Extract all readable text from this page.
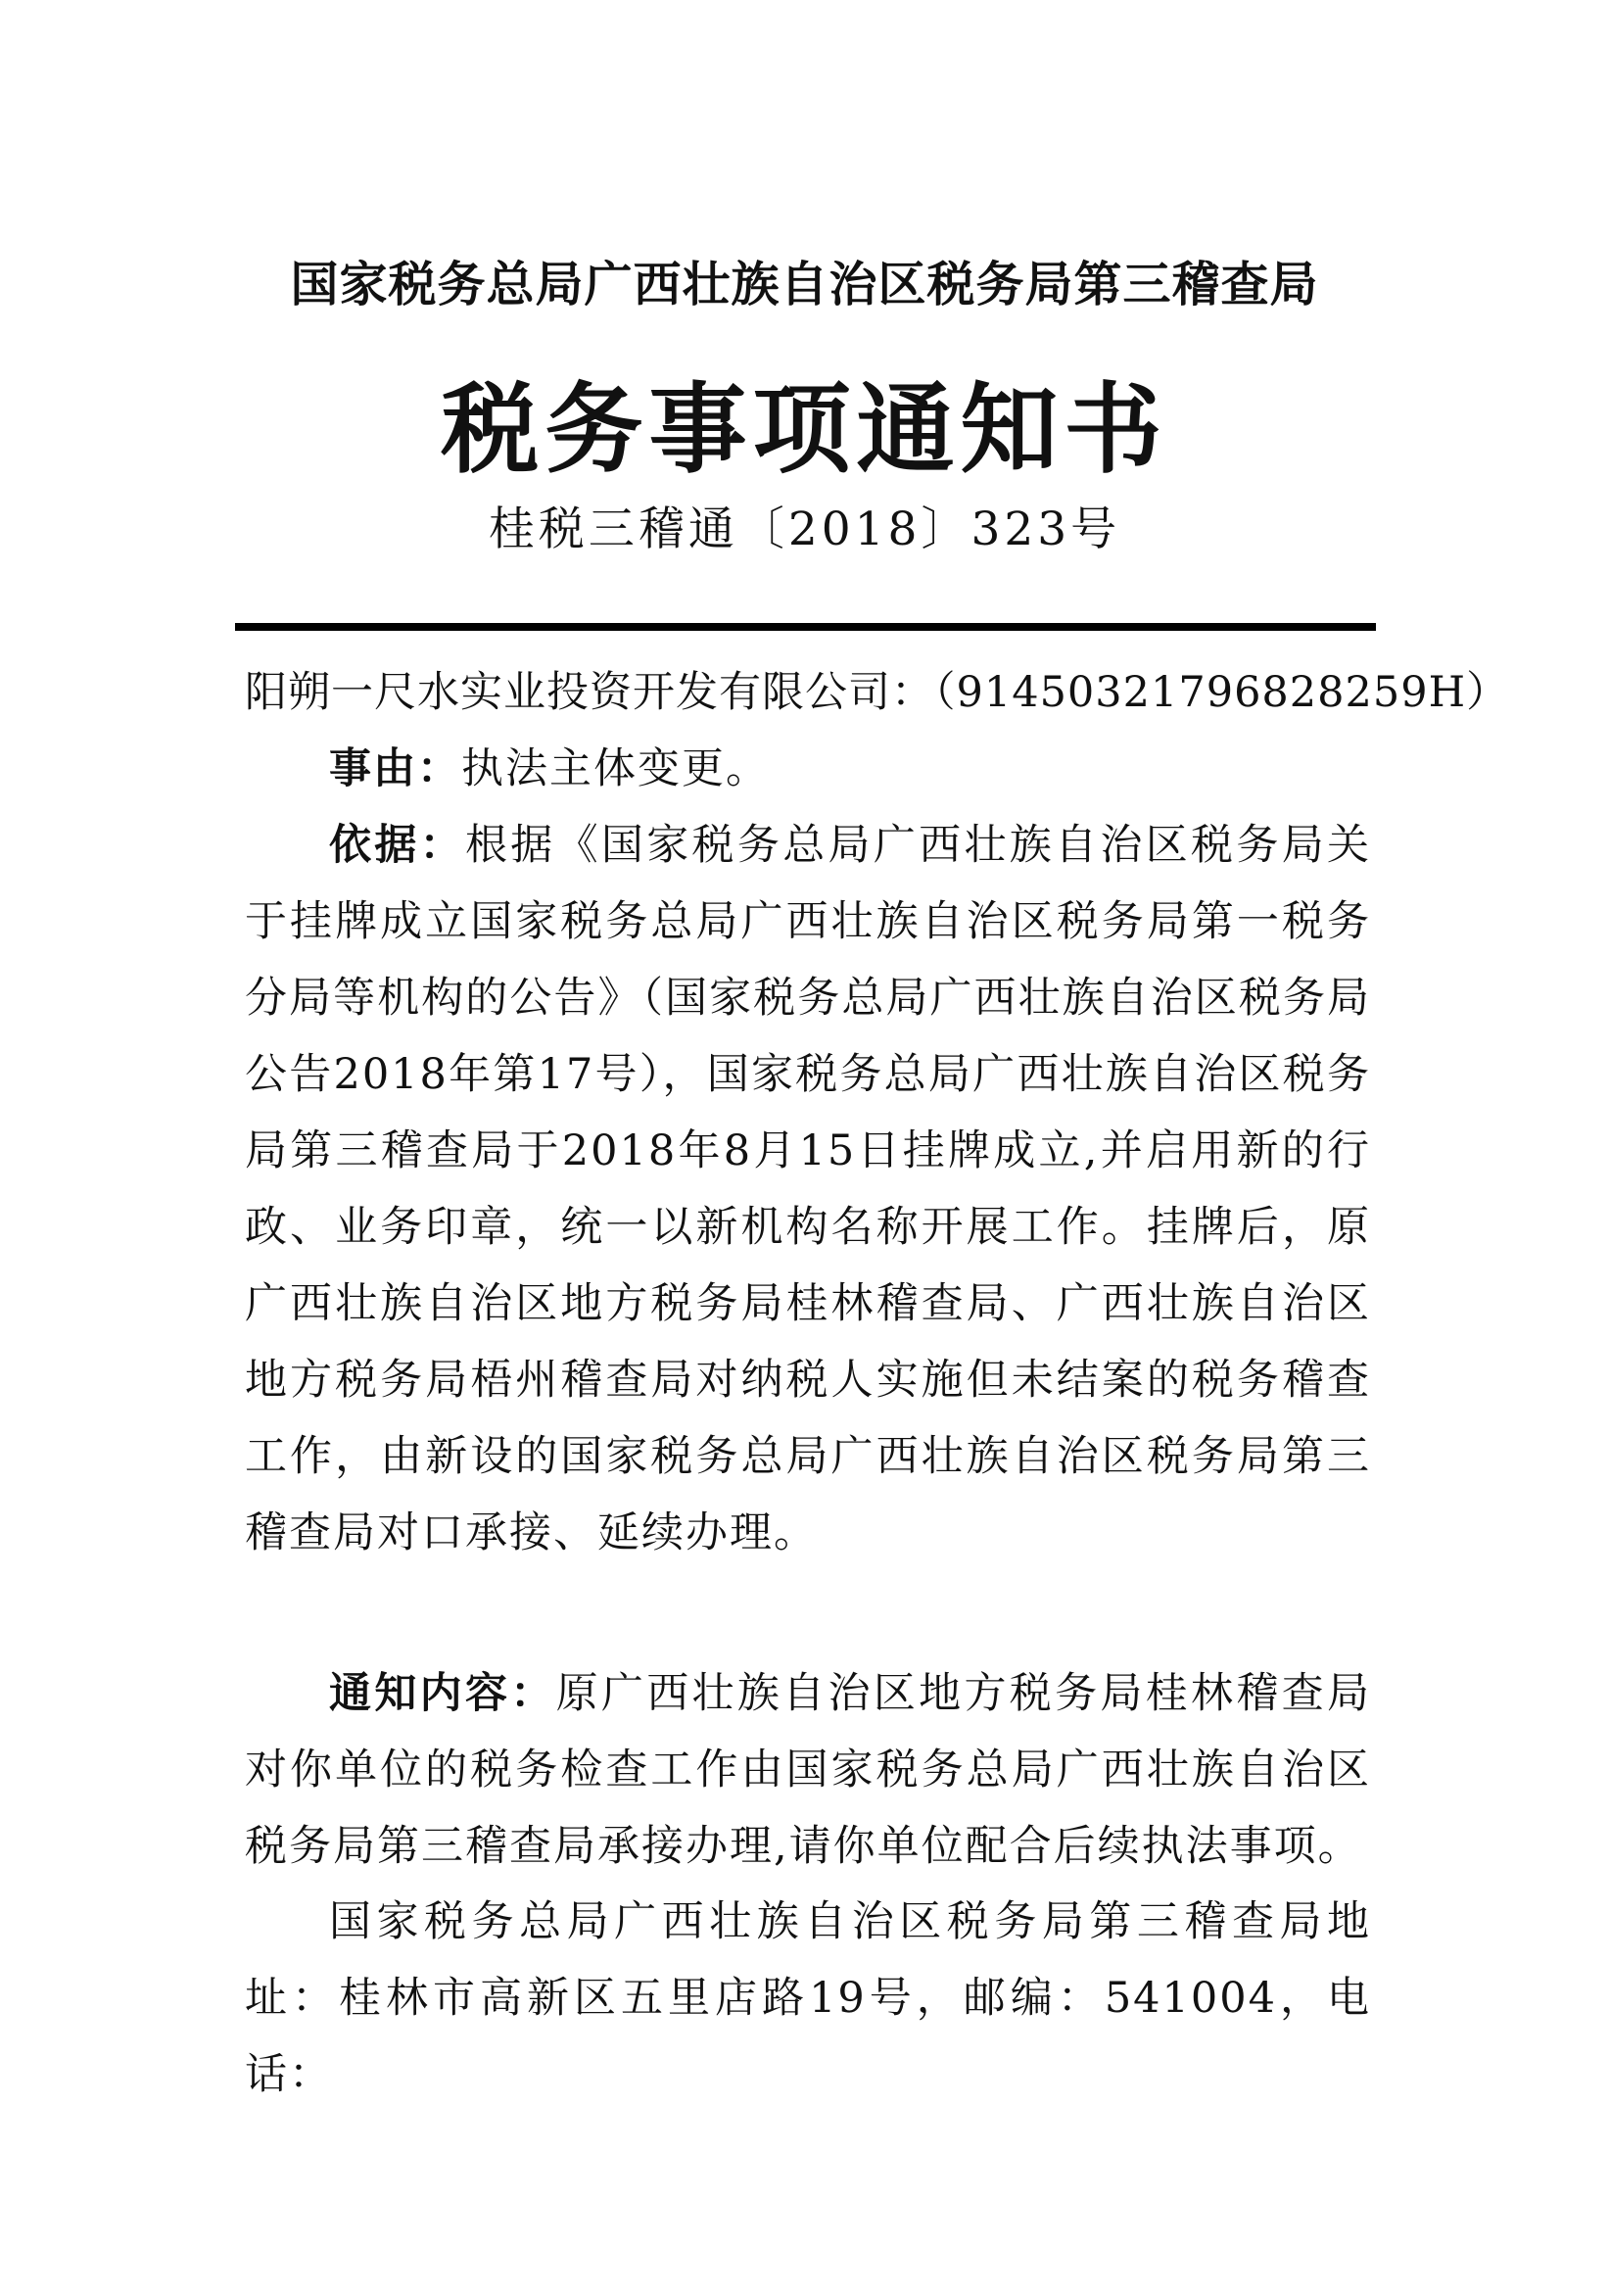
国家税务总局广西壮族自治区税务局第三稽查局
税务事项通知书
桂税三稽通〔2018〕323号

阳朔一尺水实业投资开发有限公司：（91450321796828259H）

事由：执法主体变更。

依据：根据《国家税务总局广西壮族自治区税务局关于挂牌成立国家税务总局广西壮族自治区税务局第一税务分局等机构的公告》（国家税务总局广西壮族自治区税务局公告2018年第17号），国家税务总局广西壮族自治区税务局第三稽查局于2018年8月15日挂牌成立,并启用新的行政、业务印章，统一以新机构名称开展工作。挂牌后，原广西壮族自治区地方税务局桂林稽查局、广西壮族自治区地方税务局梧州稽查局对纳税人实施但未结案的税务稽查工作，由新设的国家税务总局广西壮族自治区税务局第三稽查局对口承接、延续办理。

通知内容：原广西壮族自治区地方税务局桂林稽查局对你单位的税务检查工作由国家税务总局广西壮族自治区税务局第三稽查局承接办理,请你单位配合后续执法事项。

国家税务总局广西壮族自治区税务局第三稽查局地址：桂林市高新区五里店路19号，邮编：541004，电话：
